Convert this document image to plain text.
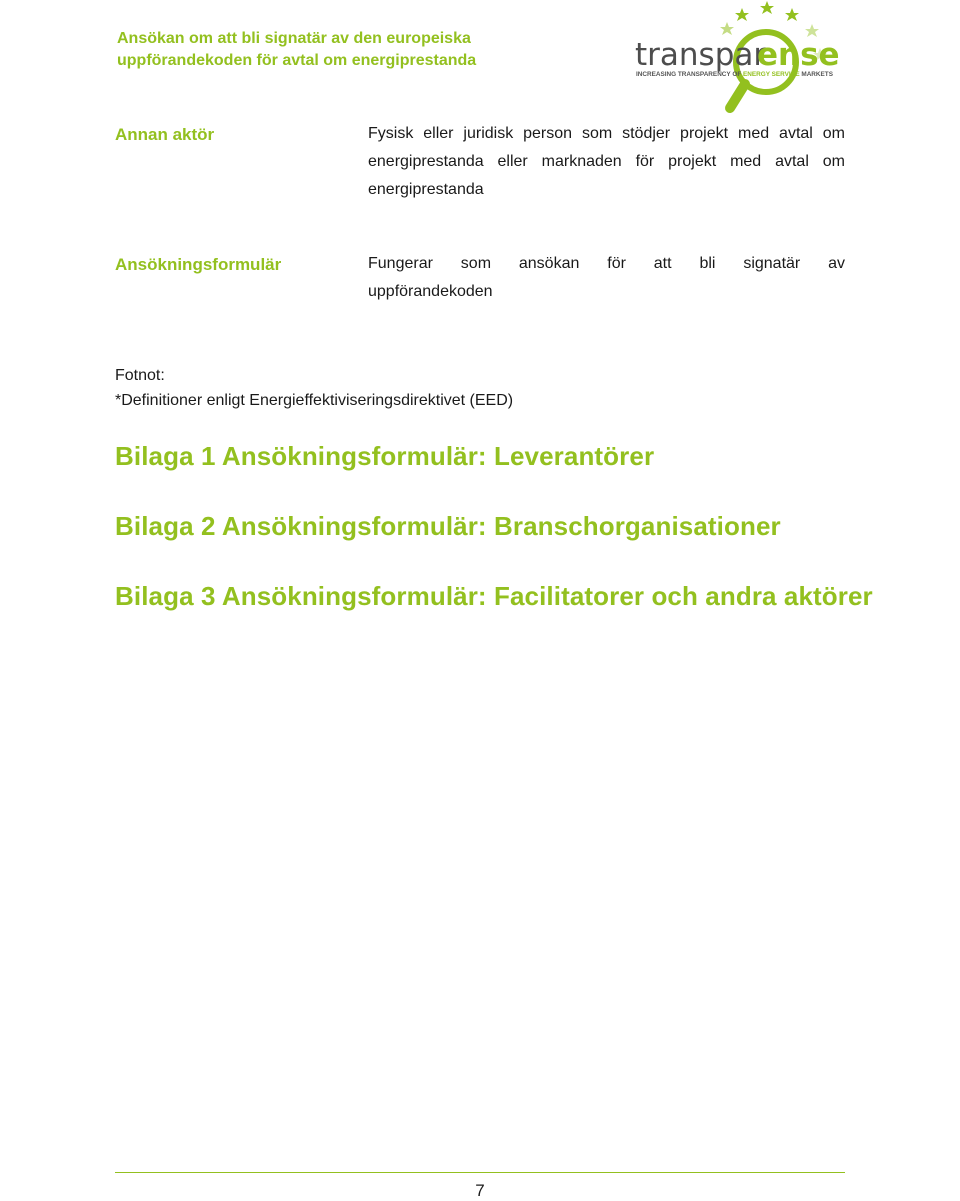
Ansökan om att bli signatär av den europeiska
uppförandekoden för avtal om energiprestanda	transpar
ense
INCREASING TRANSPARENCY OF ENERGY SERVICE MARKETS

Annan aktör	Fysisk eller juridisk person som stödjer projekt med avtal om
energiprestanda eller marknaden för projekt med avtal om
energiprestanda

Ansökningsformulär	Fungerar som ansökan för att bli signatär av
uppförandekoden
Fotnot:
*Definitioner enligt Energieffektiviseringsdirektivet (EED)
Bilaga 1 Ansökningsformulär: Leverantörer
Bilaga 2 Ansökningsformulär: Branschorganisationer
Bilaga 3 Ansökningsformulär: Facilitatorer och andra aktörer
7
